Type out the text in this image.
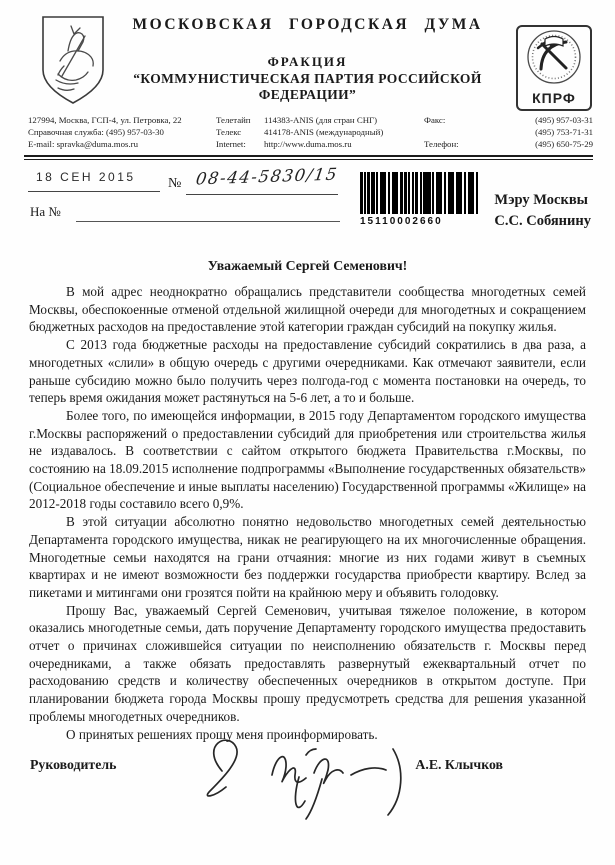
МОСКОВСКАЯ ГОРОДСКАЯ ДУМА
ФРАКЦИЯ
“КОММУНИСТИЧЕСКАЯ ПАРТИЯ РОССИЙСКОЙ ФЕДЕРАЦИИ”	КПРФ
127994, Москва, ГСП-4, ул. Петровка, 22
Справочная служба: (495) 957-03-30
E-mail: spravka@duma.mos.ru
Телетайп	114383-ANIS (для стран СНГ)
Телекс	414178-ANIS (международный)
Internet:	http://www.duma.mos.ru
Факс:	(495) 957-03-31
(495) 753-71-31
Телефон:	(495) 650-75-29
18 СЕН 2015 № 08-44-5830/15
На №
15110002660
Мэру Москвы
С.С. Собянину
Уважаемый Сергей Семенович!

В мой адрес неоднократно обращались представители сообщества многодетных семей Москвы, обеспокоенные отменой отдельной жилищной очереди для многодетных и сокращением бюджетных расходов на предоставление этой категории граждан субсидий на покупку жилья.

С 2013 года бюджетные расходы на предоставление субсидий сократились в два раза, а многодетных «слили» в общую очередь с другими очередниками. Как отмечают заявители, если раньше субсидию можно было получить через полгода-год с момента постановки на очередь, то теперь время ожидания может растянуться на 5-6 лет, а то и больше.

Более того, по имеющейся информации, в 2015 году Департаментом городского имущества г.Москвы распоряжений о предоставлении субсидий для приобретения или строительства жилья не издавалось. В соответствии с сайтом открытого бюджета Правительства г.Москвы, по состоянию на 18.09.2015 исполнение подпрограммы «Выполнение государственных обязательств» (Социальное обеспечение и иные выплаты населению) Государственной программы «Жилище» на 2012-2018 годы составило всего 0,9%.

В этой ситуации абсолютно понятно недовольство многодетных семей деятельностью Департамента городского имущества, никак не реагирующего на их многочисленные обращения. Многодетные семьи находятся на грани отчаяния: многие из них годами живут в съемных квартирах и не имеют возможности без поддержки государства приобрести квартиру. Вслед за пикетами и митингами они грозятся пойти на крайнюю меру и объявить голодовку.

Прошу Вас, уважаемый Сергей Семенович, учитывая тяжелое положение, в котором оказались многодетные семьи, дать поручение Департаменту городского имущества предоставить отчет о причинах сложившейся ситуации по неисполнению обязательств г. Москвы перед очередниками, а также обязать предоставлять развернутый ежеквартальный отчет по расходованию средств и количеству обеспеченных очередников в открытом доступе. При планировании бюджета города Москвы прошу предусмотреть средства для решения указанной проблемы многодетных очередников.

О принятых решениях прошу меня проинформировать.

Руководитель	А.Е. Клычков
